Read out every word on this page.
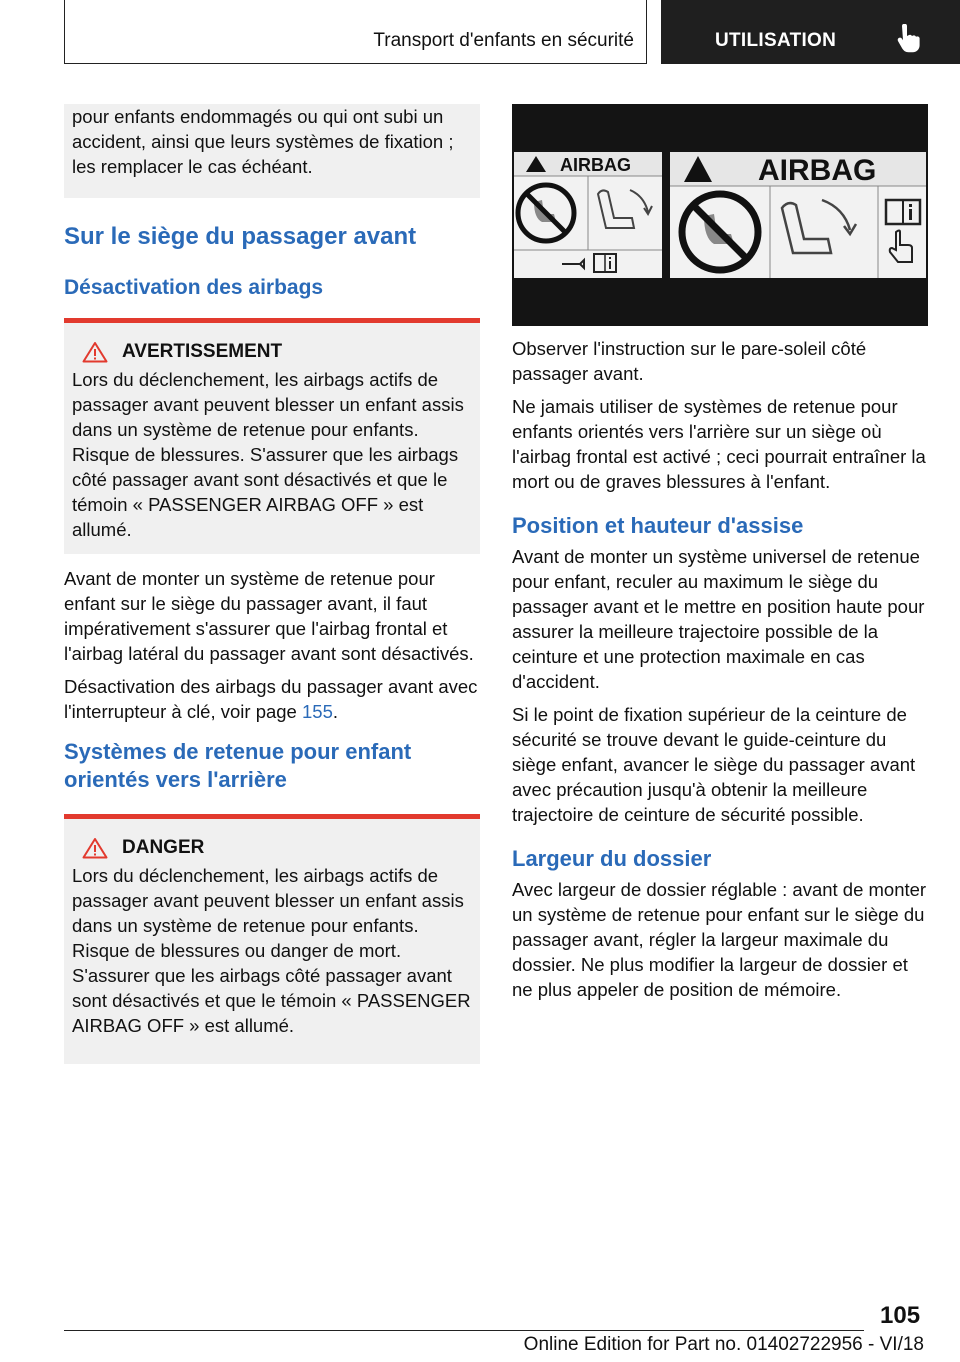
Transport d'enfants en sécurité	UTILISATION

pour enfants endommagés ou qui ont subi un accident, ainsi que leurs systèmes de fixation ; les remplacer le cas échéant.

Sur le siège du passager avant
Désactivation des airbags
AVERTISSEMENT

Lors du déclenchement, les airbags actifs de passager avant peuvent blesser un enfant assis dans un système de retenue pour enfants. Risque de blessures. S'assurer que les airbags côté passager avant sont désactivés et que le témoin « PASSENGER AIRBAG OFF » est allumé.

Avant de monter un système de retenue pour enfant sur le siège du passager avant, il faut impérativement s'assurer que l'airbag frontal et l'airbag latéral du passager avant sont désactivés.

Désactivation des airbags du passager avant avec l'interrupteur à clé, voir page 155.

Systèmes de retenue pour enfant orientés vers l'arrière
DANGER

Lors du déclenchement, les airbags actifs de passager avant peuvent blesser un enfant assis dans un système de retenue pour enfants. Risque de blessures ou danger de mort. S'assurer que les airbags côté passager avant sont désactivés et que le témoin « PASSENGER AIRBAG OFF » est allumé.

AIRBAG	AIRBAG

Observer l'instruction sur le pare-soleil côté passager avant.

Ne jamais utiliser de systèmes de retenue pour enfants orientés vers l'arrière sur un siège où l'airbag frontal est activé ; ceci pourrait entraîner la mort ou de graves blessures à l'enfant.

Position et hauteur d'assise

Avant de monter un système universel de retenue pour enfant, reculer au maximum le siège du passager avant et le mettre en position haute pour assurer la meilleure trajectoire possible de la ceinture et une protection maximale en cas d'accident.

Si le point de fixation supérieur de la ceinture de sécurité se trouve devant le guide-ceinture du siège enfant, avancer le siège du passager avant avec précaution jusqu'à obtenir la meilleure trajectoire de ceinture de sécurité possible.

Largeur du dossier

Avec largeur de dossier réglable : avant de monter un système de retenue pour enfant sur le siège du passager avant, régler la largeur maximale du dossier. Ne plus modifier la largeur de dossier et ne plus appeler de position de mémoire.

105
Online Edition for Part no. 01402722956 - VI/18
